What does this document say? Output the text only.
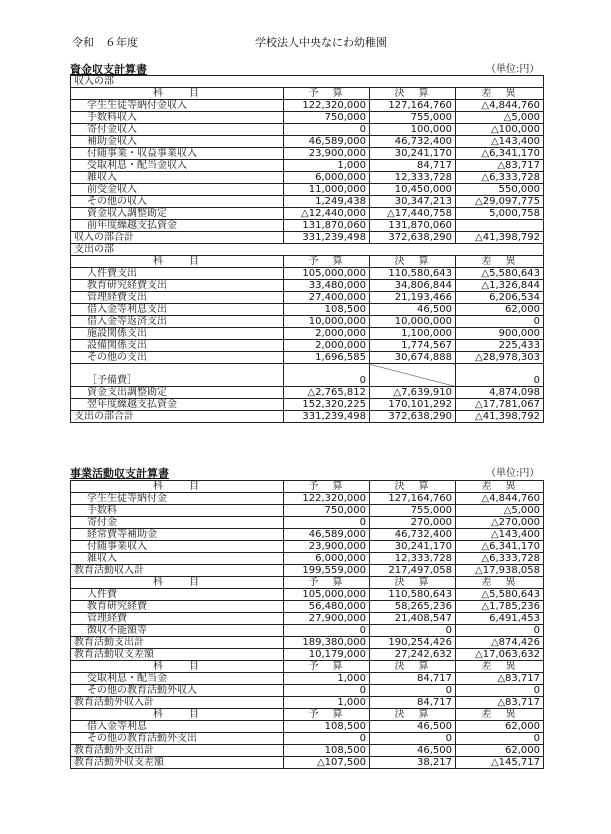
令和　６年度	学校法人中央なにわ幼稚園
資金収支計算書	（単位:円）
収入の部			
科　　目	予　算	決　算	差　異
学生生徒等納付金収入	122,320,000	127,164,760	△4,844,760
手数料収入	750,000	755,000	△5,000
寄付金収入	0	100,000	△100,000
補助金収入	46,589,000	46,732,400	△143,400
付随事業・収益事業収入	23,900,000	30,241,170	△6,341,170
受取利息・配当金収入	1,000	84,717	△83,717
雑収入	6,000,000	12,333,728	△6,333,728
前受金収入	11,000,000	10,450,000	550,000
その他の収入	1,249,438	30,347,213	△29,097,775
資金収入調整勘定	△12,440,000	△17,440,758	5,000,758
前年度繰越支払資金	131,870,060	131,870,060	
収入の部合計	331,239,498	372,638,290	△41,398,792
支出の部			
科　　目	予　算	決　算	差　異
人件費支出	105,000,000	110,580,643	△5,580,643
教育研究経費支出	33,480,000	34,806,844	△1,326,844
管理経費支出	27,400,000	21,193,466	6,206,534
借入金等利息支出	108,500	46,500	62,000
借入金等返済支出	10,000,000	10,000,000	0
施設関係支出	2,000,000	1,100,000	900,000
設備関係支出	2,000,000	1,774,567	225,433
その他の支出	1,696,585	30,674,888	△28,978,303
［予備費］	0		0
資金支出調整勘定	△2,765,812	△7,639,910	4,874,098
翌年度繰越支払資金	152,320,225	170,101,292	△17,781,067
支出の部合計	331,239,498	372,638,290	△41,398,792
事業活動収支計算書	（単位:円）
科　　目	予　算	決　算	差　異
学生生徒等納付金	122,320,000	127,164,760	△4,844,760
手数料	750,000	755,000	△5,000
寄付金	0	270,000	△270,000
経常費等補助金	46,589,000	46,732,400	△143,400
付随事業収入	23,900,000	30,241,170	△6,341,170
雑収入	6,000,000	12,333,728	△6,333,728
教育活動収入計	199,559,000	217,497,058	△17,938,058
科　　目	予　算	決　算	差　異
人件費	105,000,000	110,580,643	△5,580,643
教育研究経費	56,480,000	58,265,236	△1,785,236
管理経費	27,900,000	21,408,547	6,491,453
徴収不能額等	0	0	0
教育活動支出計	189,380,000	190,254,426	△874,426
教育活動収支差額	10,179,000	27,242,632	△17,063,632
科　　目	予　算	決　算	差　異
受取利息・配当金	1,000	84,717	△83,717
その他の教育活動外収入	0	0	0
教育活動外収入計	1,000	84,717	△83,717
科　　目	予　算	決　算	差　異
借入金等利息	108,500	46,500	62,000
その他の教育活動外支出	0	0	0
教育活動外支出計	108,500	46,500	62,000
教育活動外収支差額	△107,500	38,217	△145,717
